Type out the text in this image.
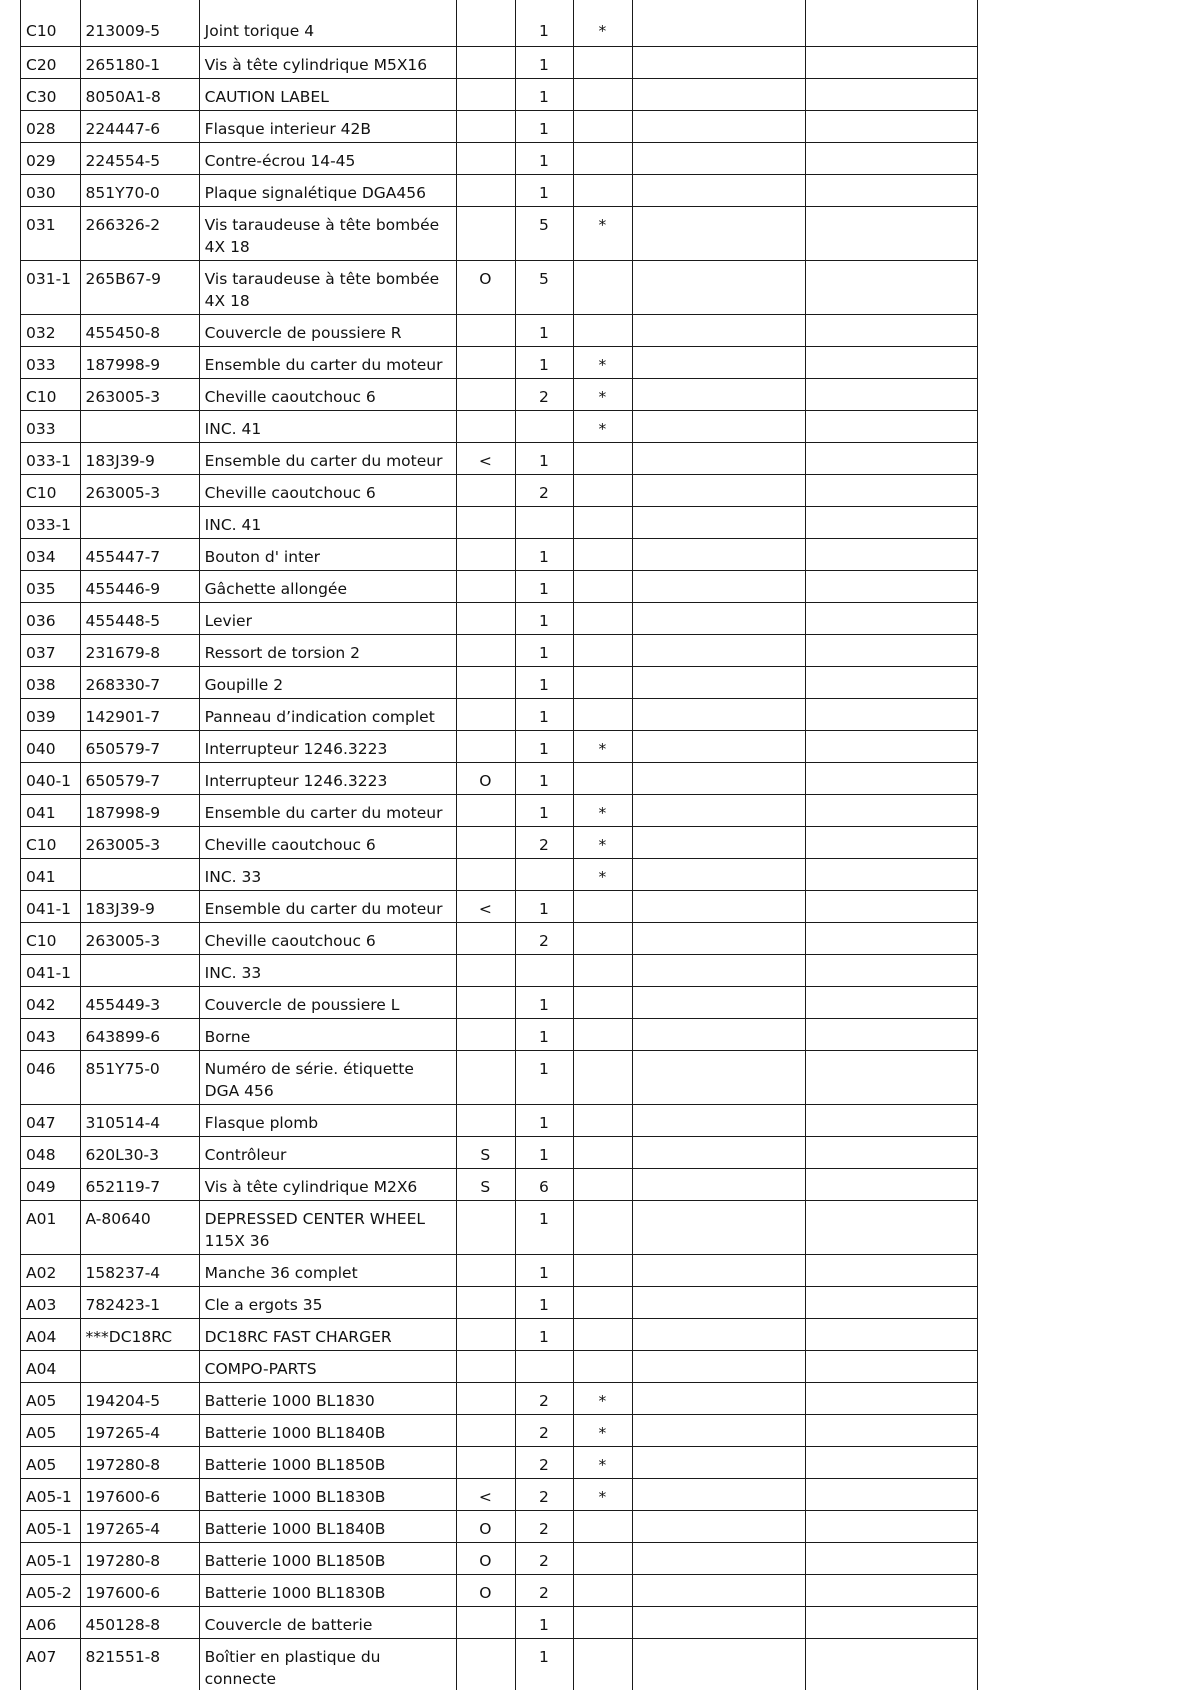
C10	213009-5	Joint torique 4		1	*		
C20	265180-1	Vis à tête cylindrique M5X16		1			
C30	8050A1-8	CAUTION LABEL		1			
028	224447-6	Flasque interieur 42B		1			
029	224554-5	Contre-écrou 14-45		1			
030	851Y70-0	Plaque signalétique DGA456		1			
031	266326-2	Vis taraudeuse à tête bombée 4X 18		5	*		
031-1	265B67-9	Vis taraudeuse à tête bombée 4X 18	O	5			
032	455450-8	Couvercle de poussiere R		1			
033	187998-9	Ensemble du carter du moteur		1	*		
C10	263005-3	Cheville caoutchouc 6		2	*		
033		INC. 41			*		
033-1	183J39-9	Ensemble du carter du moteur	<	1			
C10	263005-3	Cheville caoutchouc 6		2			
033-1		INC. 41					
034	455447-7	Bouton d' inter		1			
035	455446-9	Gâchette allongée		1			
036	455448-5	Levier		1			
037	231679-8	Ressort de torsion 2		1			
038	268330-7	Goupille 2		1			
039	142901-7	Panneau d’indication complet		1			
040	650579-7	Interrupteur 1246.3223		1	*		
040-1	650579-7	Interrupteur 1246.3223	O	1			
041	187998-9	Ensemble du carter du moteur		1	*		
C10	263005-3	Cheville caoutchouc 6		2	*		
041		INC. 33			*		
041-1	183J39-9	Ensemble du carter du moteur	<	1			
C10	263005-3	Cheville caoutchouc 6		2			
041-1		INC. 33					
042	455449-3	Couvercle de poussiere L		1			
043	643899-6	Borne		1			
046	851Y75-0	Numéro de série. étiquette DGA 456		1			
047	310514-4	Flasque plomb		1			
048	620L30-3	Contrôleur	S	1			
049	652119-7	Vis à tête cylindrique M2X6	S	6			
A01	A-80640	DEPRESSED CENTER WHEEL 115X 36		1			
A02	158237-4	Manche 36 complet		1			
A03	782423-1	Cle a ergots 35		1			
A04	***DC18RC	DC18RC FAST CHARGER		1			
A04		COMPO-PARTS					
A05	194204-5	Batterie 1000 BL1830		2	*		
A05	197265-4	Batterie 1000 BL1840B		2	*		
A05	197280-8	Batterie 1000 BL1850B		2	*		
A05-1	197600-6	Batterie 1000 BL1830B	<	2	*		
A05-1	197265-4	Batterie 1000 BL1840B	O	2			
A05-1	197280-8	Batterie 1000 BL1850B	O	2			
A05-2	197600-6	Batterie 1000 BL1830B	O	2			
A06	450128-8	Couvercle de batterie		1			
A07	821551-8	Boîtier en plastique du connecte		1			
